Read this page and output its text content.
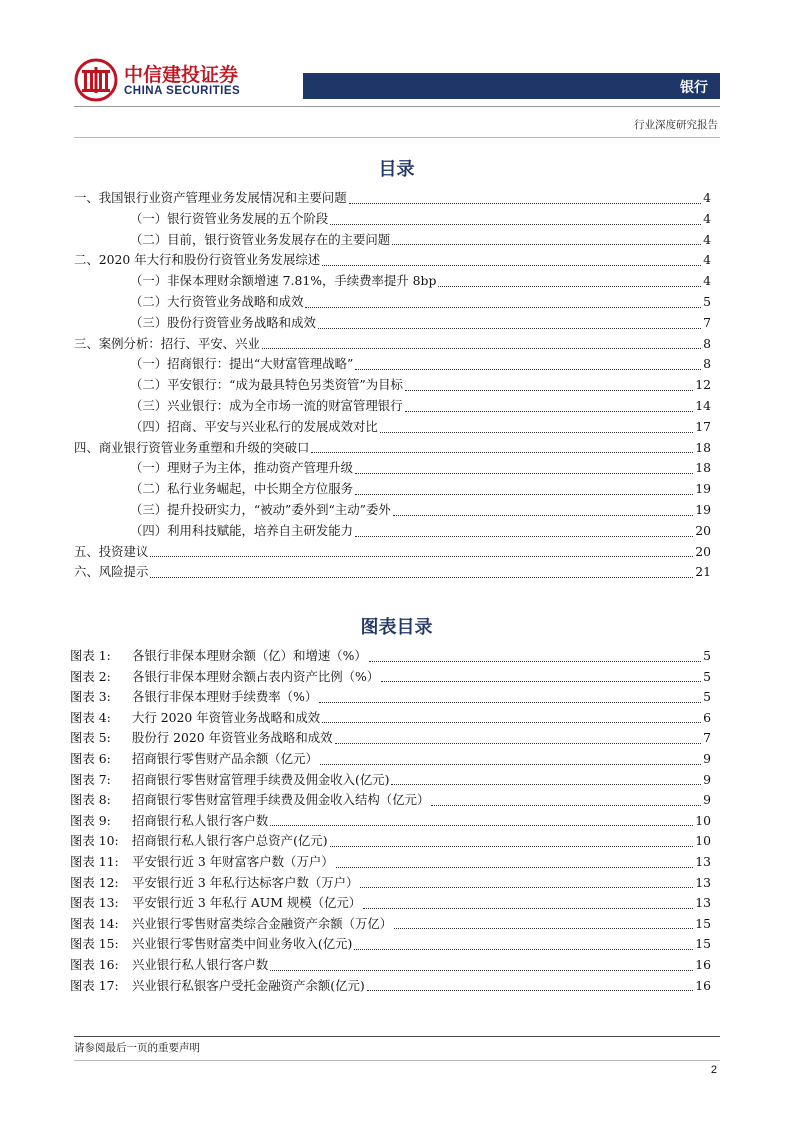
中信建投证券
CHINA SECURITIES	银行
行业深度研究报告
目录
一、我国银行业资产管理业务发展情况和主要问题	4
（一）银行资管业务发展的五个阶段	4
（二）目前，银行资管业务发展存在的主要问题	4
二、2020 年大行和股份行资管业务发展综述	4
（一）非保本理财余额增速 7.81%，手续费率提升 8bp	4
（二）大行资管业务战略和成效	5
（三）股份行资管业务战略和成效	7
三、案例分析：招行、平安、兴业	8
（一）招商银行：提出“大财富管理战略”	8
（二）平安银行：“成为最具特色另类资管”为目标	12
（三）兴业银行：成为全市场一流的财富管理银行	14
（四）招商、平安与兴业私行的发展成效对比	17
四、商业银行资管业务重塑和升级的突破口	18
（一）理财子为主体，推动资产管理升级	18
（二）私行业务崛起，中长期全方位服务	19
（三）提升投研实力，“被动”委外到“主动”委外	19
（四）利用科技赋能，培养自主研发能力	20
五、投资建议	20
六、风险提示	21
图表目录
图表 1:	各银行非保本理财余额（亿）和增速（%）	5
图表 2:	各银行非保本理财余额占表内资产比例（%）	5
图表 3:	各银行非保本理财手续费率（%）	5
图表 4:	大行 2020 年资管业务战略和成效	6
图表 5:	股份行 2020 年资管业务战略和成效	7
图表 6:	招商银行零售财产品余额（亿元）	9
图表 7:	招商银行零售财富管理手续费及佣金收入(亿元)	9
图表 8:	招商银行零售财富管理手续费及佣金收入结构（亿元）	9
图表 9:	招商银行私人银行客户数	10
图表 10:	招商银行私人银行客户总资产(亿元)	10
图表 11:	平安银行近 3 年财富客户数（万户）	13
图表 12:	平安银行近 3 年私行达标客户数（万户）	13
图表 13:	平安银行近 3 年私行 AUM 规模（亿元）	13
图表 14:	兴业银行零售财富类综合金融资产余额（万亿）	15
图表 15:	兴业银行零售财富类中间业务收入(亿元)	15
图表 16:	兴业银行私人银行客户数	16
图表 17:	兴业银行私银客户受托金融资产余额(亿元)	16
请参阅最后一页的重要声明
2
